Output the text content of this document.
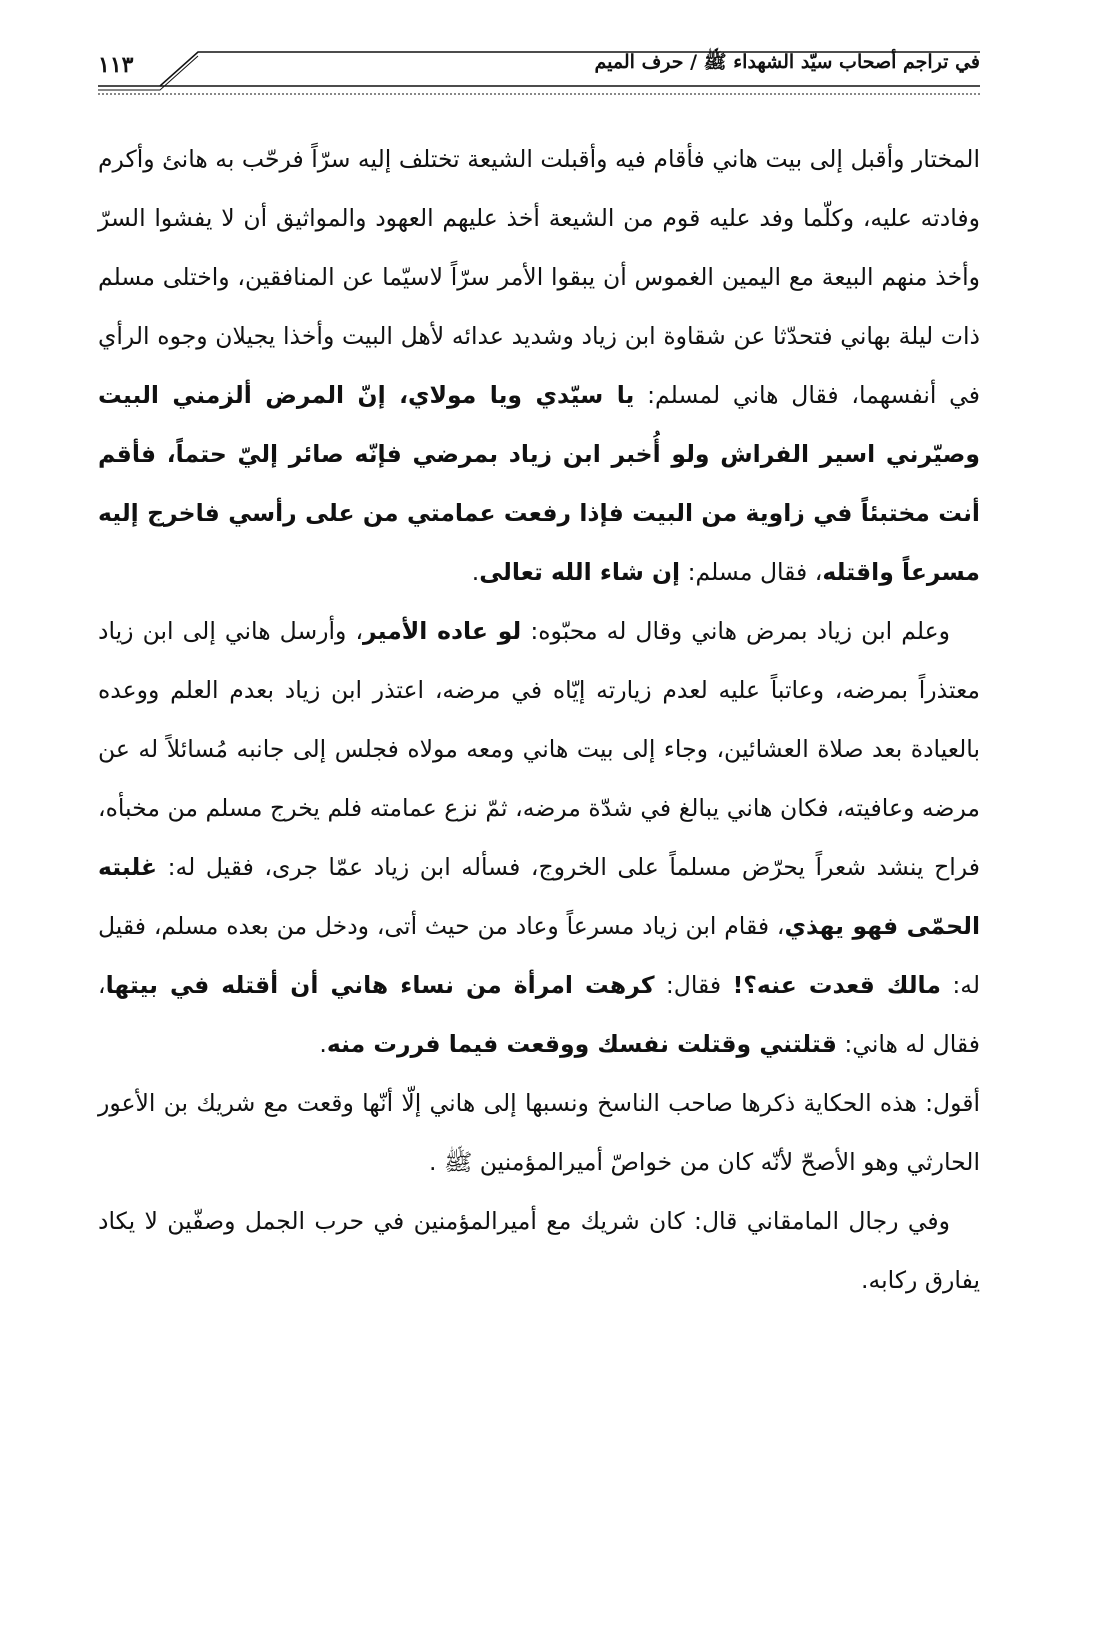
١١٣	في تراجم أصحاب سيّد الشهداء ﷺ / حرف الميم

المختار وأقبل إلى بيت هاني فأقام فيه وأقبلت الشيعة تختلف إليه سرّاً فرحّب به هانئ وأكرم وفادته عليه، وكلّما وفد عليه قوم من الشيعة أخذ عليهم العهود والمواثيق أن لا يفشوا السرّ وأخذ منهم البيعة مع اليمين الغموس أن يبقوا الأمر سرّاً لاسيّما عن المنافقين، واختلى مسلم ذات ليلة بهاني فتحدّثا عن شقاوة ابن زياد وشديد عدائه لأهل البيت وأخذا يجيلان وجوه الرأي في أنفسهما، فقال هاني لمسلم: يا سيّدي ويا مولاي، إنّ المرض ألزمني البيت وصيّرني اسير الفراش ولو أُخبر ابن زياد بمرضي فإنّه صائر إليّ حتماً، فأقم أنت مختبئاً في زاوية من البيت فإذا رفعت عمامتي من على رأسي فاخرج إليه مسرعاً واقتله، فقال مسلم: إن شاء الله تعالى.

وعلم ابن زياد بمرض هاني وقال له محبّوه: لو عاده الأمير، وأرسل هاني إلى ابن زياد معتذراً بمرضه، وعاتباً عليه لعدم زيارته إيّاه في مرضه، اعتذر ابن زياد بعدم العلم ووعده بالعيادة بعد صلاة العشائين، وجاء إلى بيت هاني ومعه مولاه فجلس إلى جانبه مُسائلاً له عن مرضه وعافيته، فكان هاني يبالغ في شدّة مرضه، ثمّ نزع عمامته فلم يخرج مسلم من مخبأه، فراح ينشد شعراً يحرّض مسلماً على الخروج، فسأله ابن زياد عمّا جرى، فقيل له: غلبته الحمّى فهو يهذي، فقام ابن زياد مسرعاً وعاد من حيث أتى، ودخل من بعده مسلم، فقيل له: مالك قعدت عنه؟! فقال: كرهت امرأة من نساء هاني أن أقتله في بيتها، فقال له هاني: قتلتني وقتلت نفسك ووقعت فيما فررت منه.

أقول: هذه الحكاية ذكرها صاحب الناسخ ونسبها إلى هاني إلّا أنّها وقعت مع شريك بن الأعور الحارثي وهو الأصحّ لأنّه كان من خواصّ أميرالمؤمنين ﷺ .

وفي رجال المامقاني قال: كان شريك مع أميرالمؤمنين في حرب الجمل وصفّين لا يكاد يفارق ركابه.
